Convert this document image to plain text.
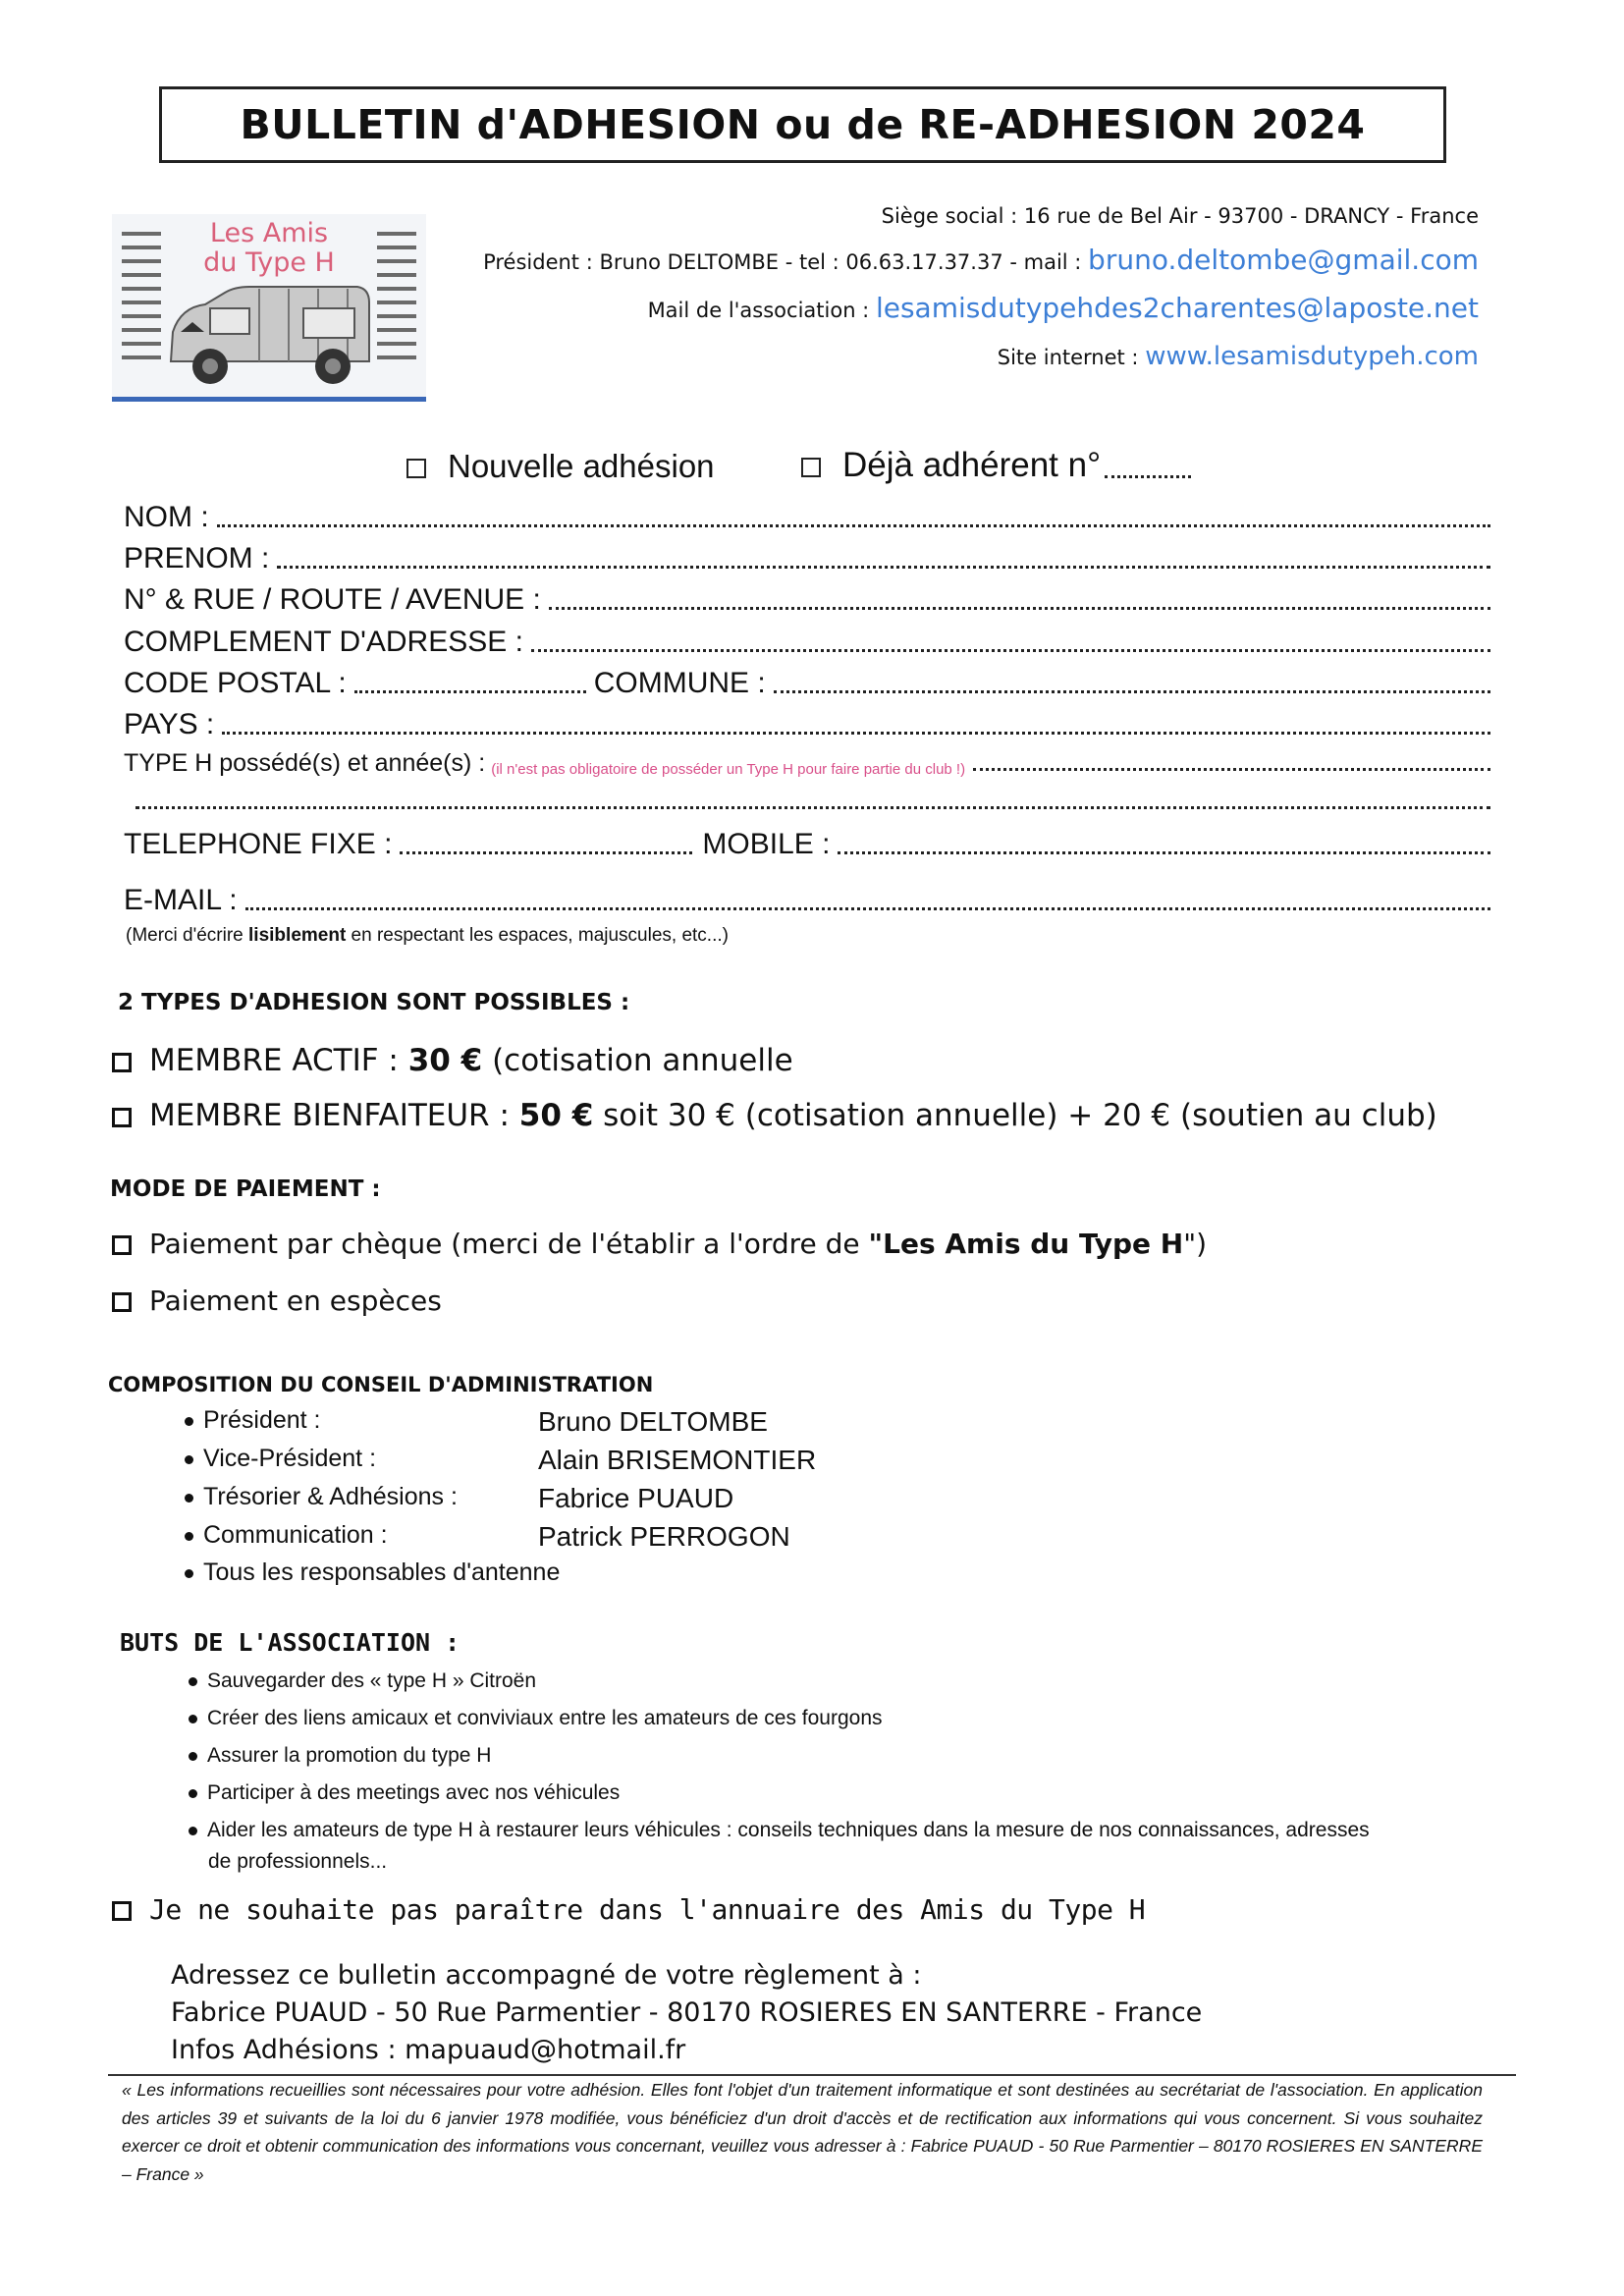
BULLETIN d'ADHESION ou de RE-ADHESION 2024
Les Amis
du Type H
Siège social : 16 rue de Bel Air - 93700 - DRANCY - France
Président : Bruno DELTOMBE - tel : 06.63.17.37.37 - mail : bruno.deltombe@gmail.com
Mail de l'association : lesamisdutypehdes2charentes@laposte.net
Site internet : www.lesamisdutypeh.com
Nouvelle adhésion	Déjà adhérent n°
NOM :
PRENOM :
N° & RUE / ROUTE / AVENUE :
COMPLEMENT D'ADRESSE :
CODE POSTAL :	COMMUNE :
PAYS :
TYPE H possédé(s) et année(s) : (il n'est pas obligatoire de posséder un Type H pour faire partie du club !)
TELEPHONE FIXE :	MOBILE :
E-MAIL :
(Merci d'écrire lisiblement en respectant les espaces, majuscules, etc...)
2 TYPES D'ADHESION SONT POSSIBLES :
MEMBRE ACTIF : 30 € (cotisation annuelle
MEMBRE BIENFAITEUR : 50 € soit 30 € (cotisation annuelle) + 20 € (soutien au club)
MODE DE PAIEMENT :
Paiement par chèque (merci de l'établir a l'ordre de "Les Amis du Type H")
Paiement en espèces
COMPOSITION DU CONSEIL D'ADMINISTRATION
Président :	Bruno DELTOMBE
Vice-Président :	Alain BRISEMONTIER
Trésorier & Adhésions :	Fabrice PUAUD
Communication :	Patrick PERROGON
Tous les responsables d'antenne
BUTS DE L'ASSOCIATION :
Sauvegarder des « type H » Citroën
Créer des liens amicaux et conviviaux entre les amateurs de ces fourgons
Assurer la promotion du type H
Participer à des meetings avec nos véhicules
Aider les amateurs de type H à restaurer leurs véhicules : conseils techniques dans la mesure de nos connaissances, adresses
de professionnels...
Je ne souhaite pas paraître dans l'annuaire des Amis du Type H
Adressez ce bulletin accompagné de votre règlement à :
Fabrice PUAUD - 50 Rue Parmentier - 80170 ROSIERES EN SANTERRE - France
Infos Adhésions : mapuaud@hotmail.fr
« Les informations recueillies sont nécessaires pour votre adhésion. Elles font l'objet d'un traitement informatique et sont destinées au secrétariat de l'association. En application des articles 39 et suivants de la loi du 6 janvier 1978 modifiée, vous bénéficiez d'un droit d'accès et de rectification aux informations qui vous concernent. Si vous souhaitez exercer ce droit et obtenir communication des informations vous concernant, veuillez vous adresser à : Fabrice PUAUD - 50 Rue Parmentier – 80170 ROSIERES EN SANTERRE – France »
